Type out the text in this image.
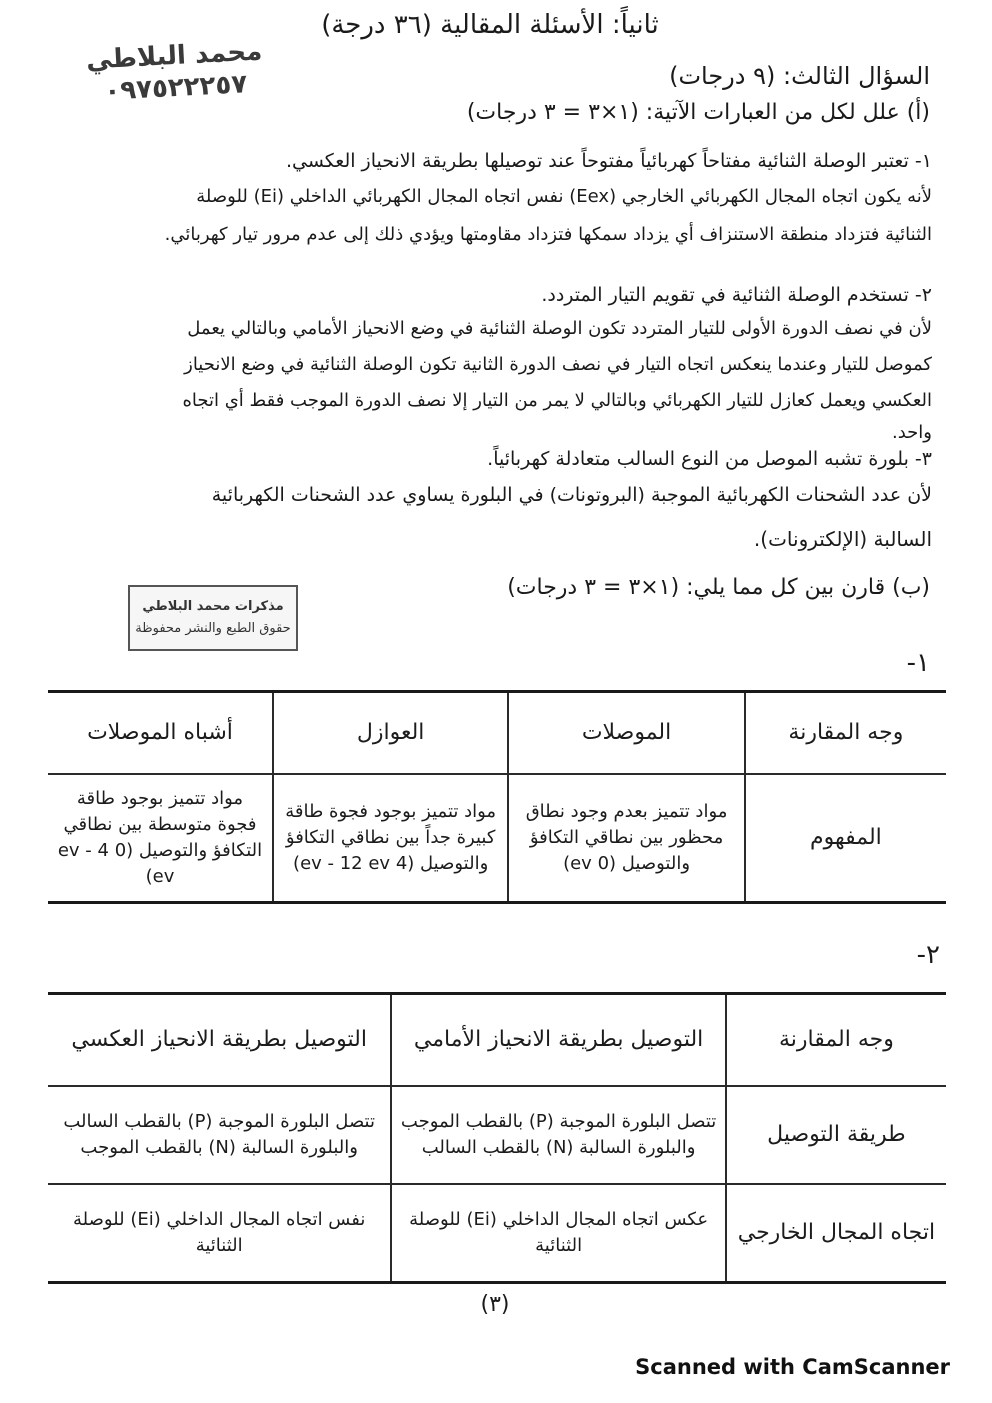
ثانياً: الأسئلة المقالية (٣٦ درجة)
محمد البلاطي
٠٩٧٥٢٢٢٥٧	السؤال الثالث: (٩ درجات)
(أ) علل لكل من العبارات الآتية: (١×٣ = ٣ درجات)
١- تعتبر الوصلة الثنائية مفتاحاً كهربائياً مفتوحاً عند توصيلها بطريقة الانحياز العكسي.
لأنه يكون اتجاه المجال الكهربائي الخارجي (Eex) نفس اتجاه المجال الكهربائي الداخلي (Ei) للوصلة
الثنائية فتزداد منطقة الاستنزاف أي يزداد سمكها فتزداد مقاومتها ويؤدي ذلك إلى عدم مرور تيار كهربائي.
٢- تستخدم الوصلة الثنائية في تقويم التيار المتردد.
لأن في نصف الدورة الأولى للتيار المتردد تكون الوصلة الثنائية في وضع الانحياز الأمامي وبالتالي يعمل
كموصل للتيار وعندما ينعكس اتجاه التيار في نصف الدورة الثانية تكون الوصلة الثنائية في وضع الانحياز
العكسي ويعمل كعازل للتيار الكهربائي وبالتالي لا يمر من التيار إلا نصف الدورة الموجب فقط أي اتجاه
واحد.
٣- بلورة تشبه الموصل من النوع السالب متعادلة كهربائياً.
لأن عدد الشحنات الكهربائية الموجبة (البروتونات) في البلورة يساوي عدد الشحنات الكهربائية
السالبة (الإلكترونات).
(ب) قارن بين كل مما يلي: (١×٣ = ٣ درجات)
مذكرات محمد البلاطي
حقوق الطبع والنشر محفوظة
١-
وجه المقارنة	الموصلات	العوازل	أشباه الموصلات
المفهوم	مواد تتميز بعدم وجود نطاق محظور بين نطاقي التكافؤ والتوصيل (0 ev)	مواد تتميز بوجود فجوة طاقة كبيرة جداً بين نطاقي التكافؤ والتوصيل (4 ev - 12 ev)	مواد تتميز بوجود طاقة فجوة متوسطة بين نطاقي التكافؤ والتوصيل (0 ev - 4 ev)
٢-
وجه المقارنة	التوصيل بطريقة الانحياز الأمامي	التوصيل بطريقة الانحياز العكسي
طريقة التوصيل	تتصل البلورة الموجبة (P) بالقطب الموجب والبلورة السالبة (N) بالقطب السالب	تتصل البلورة الموجبة (P) بالقطب السالب والبلورة السالبة (N) بالقطب الموجب
اتجاه المجال الخارجي	عكس اتجاه المجال الداخلي (Ei) للوصلة الثنائية	نفس اتجاه المجال الداخلي (Ei) للوصلة الثنائية
(٣)
Scanned with CamScanner
